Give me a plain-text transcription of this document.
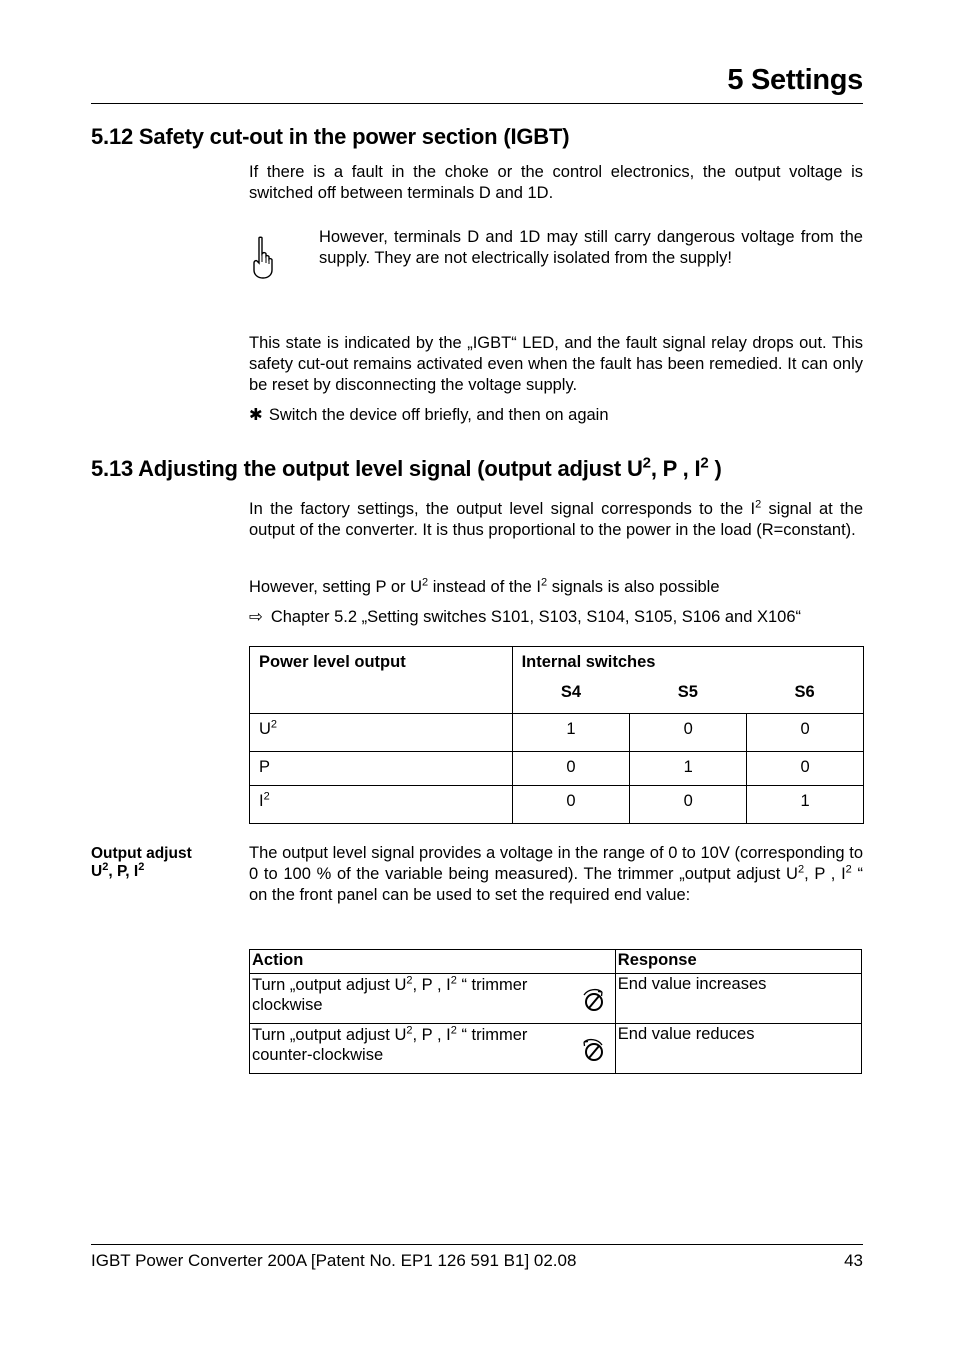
5 Settings
5.12 Safety cut-out in the power section (IGBT)

If there is a fault in the choke or the control electronics, the output voltage is switched off between terminals D and 1D.

However, terminals D and 1D may still carry dangerous voltage from the supply. They are not electrically isolated from the supply!

This state is indicated by the „IGBT“ LED, and the fault signal relay drops out. This safety cut-out remains activated even when the fault has been remedied. It can only be reset by disconnecting the voltage supply.

✱ Switch the device off briefly, and then on again

5.13 Adjusting the output level signal (output adjust $U^2$, P , $I^2$ )

In the factory settings, the output level signal corresponds to the $I^2$ signal at the output of the converter. It is thus proportional to the power in the load (R=constant).

However, setting P or $U^2$ instead of the $I^2$ signals is also possible

⇨ Chapter 5.2 „Setting switches S101, S103, S104, S105, S106 and X106“

Power level output	Internal switches
S4 S5 S6		

$U^2$	1	0	0
P	0	1	0
$I^2$	0	0	1

Output adjust
$U^2$, P, $I^2$

The output level signal provides a voltage in the range of 0 to 10V (corresponding to 0 to 100 % of the variable being measured). The trimmer „output adjust $U^2$, P , $I^2$ “ on the front panel can be used to set the required end value:

Action	Response

Turn „output adjust $U^2$, P , $I^2$ “ trimmer clockwise	End value increases

Turn „output adjust $U^2$, P , $I^2$ “ trimmer counter-clockwise	End value reduces

IGBT Power Converter 200A [Patent No. EP1 126 591 B1] 02.08	43
